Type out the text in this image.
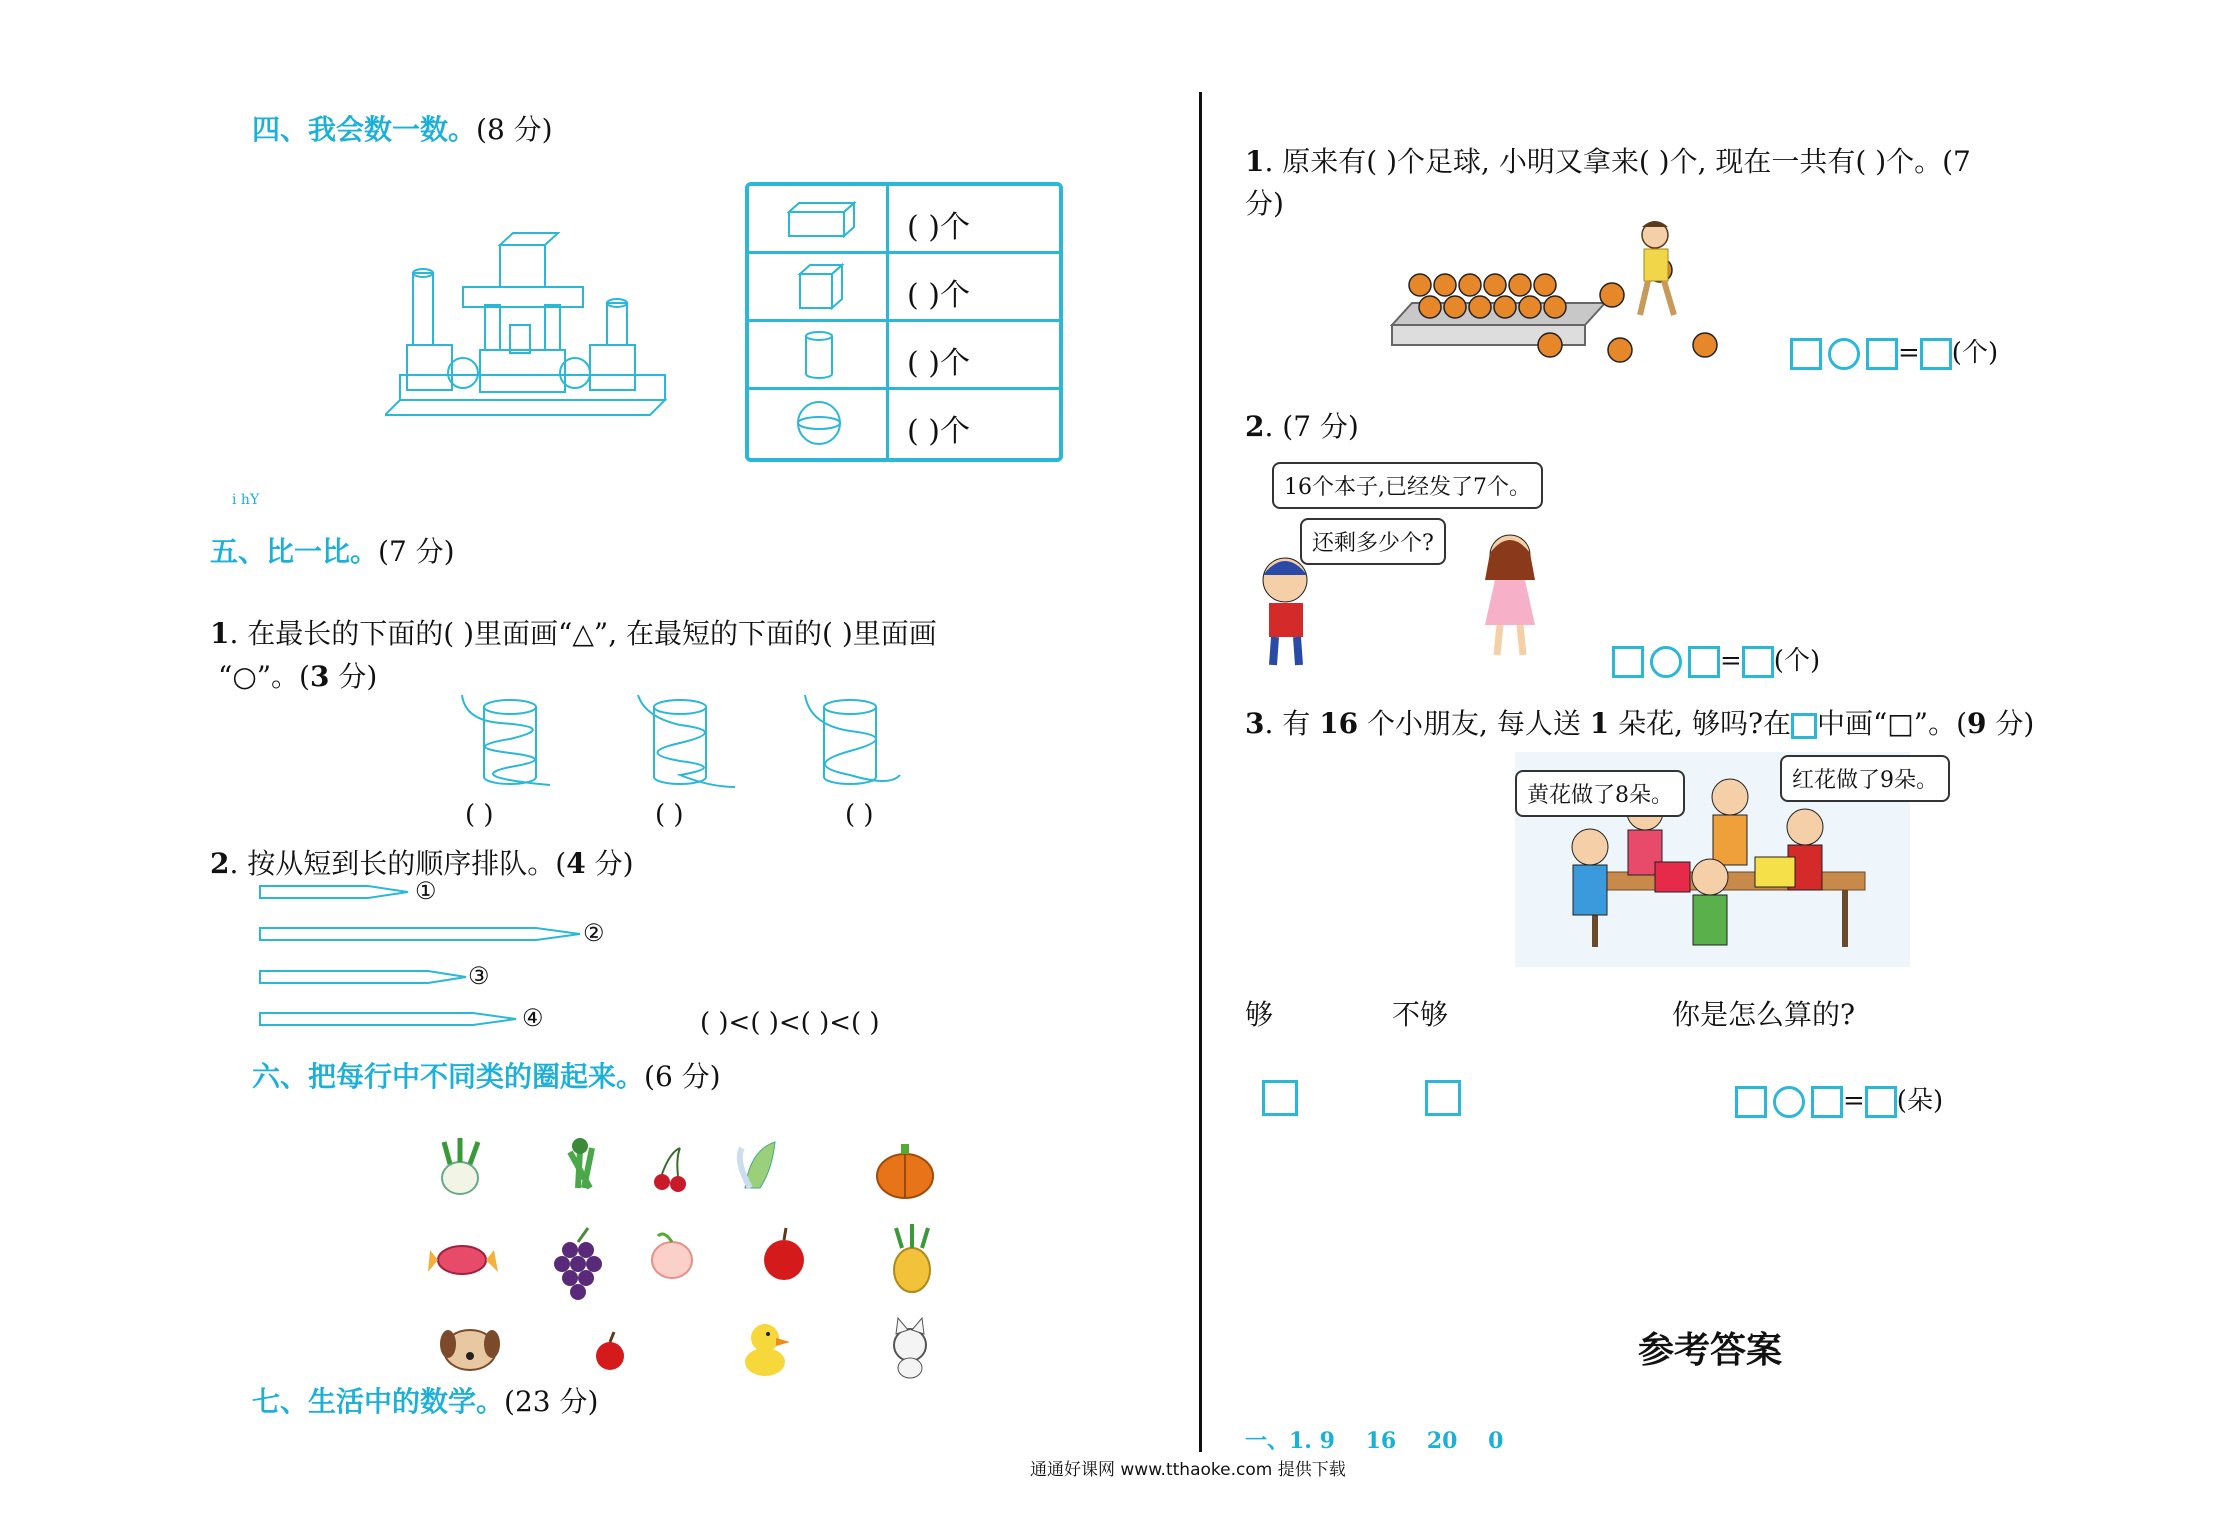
四、我会数一数。(8 分)
( )个
( )个
( )个
( )个
i hY
五、比一比。(7 分)
1. 在最长的下面的( )里面画“△”, 在最短的下面的( )里面画
“○”。(3 分)
( )	( )	( )
2. 按从短到长的顺序排队。(4 分)
①
②
③
④	( )<( )<( )<( )
六、把每行中不同类的圈起来。(6 分)
七、生活中的数学。(23 分)
1. 原来有( )个足球, 小明又拿来( )个, 现在一共有( )个。(7
分)
= (个)
2. (7 分)
16个本子,已经发了7个。
还剩多少个?
= (个)
3. 有 16 个小朋友, 每人送 1 朵花, 够吗?在 中画“□”。(9 分)
黄花做了8朵。
红花做了9朵。
够	不够	你是怎么算的?
= (朵)
参考答案
一、1. 9    16    20    0
通通好课网 www.tthaoke.com 提供下载
